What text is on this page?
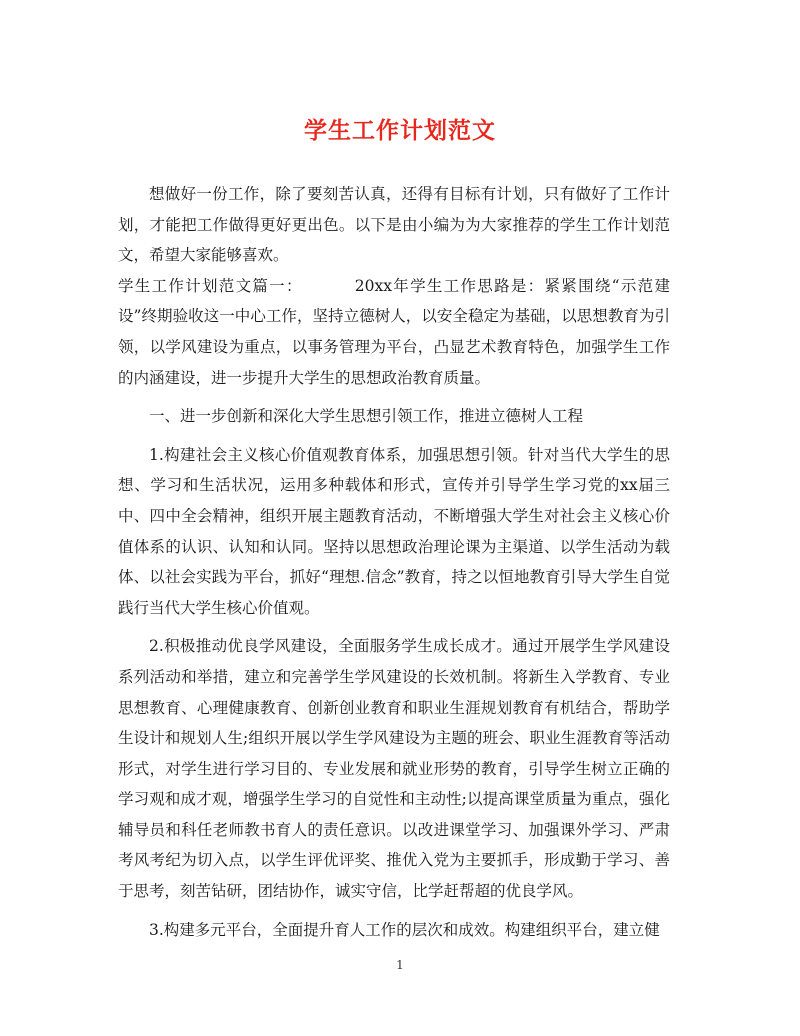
学生工作计划范文

想做好一份工作，除了要刻苦认真，还得有目标有计划，只有做好了工作计划，才能把工作做得更好更出色。以下是由小编为为大家推荐的学生工作计划范文，希望大家能够喜欢。

学生工作计划范文篇一：	20xx年学生工作思路是：紧紧围绕“示范建设”终期验收这一中心工作，坚持立德树人，以安全稳定为基础，以思想教育为引领，以学风建设为重点，以事务管理为平台，凸显艺术教育特色，加强学生工作的内涵建设，进一步提升大学生的思想政治教育质量。

一、进一步创新和深化大学生思想引领工作，推进立德树人工程

1.构建社会主义核心价值观教育体系，加强思想引领。针对当代大学生的思想、学习和生活状况，运用多种载体和形式，宣传并引导学生学习党的xx届三中、四中全会精神，组织开展主题教育活动，不断增强大学生对社会主义核心价值体系的认识、认知和认同。坚持以思想政治理论课为主渠道、以学生活动为载体、以社会实践为平台，抓好“理想.信念”教育，持之以恒地教育引导大学生自觉践行当代大学生核心价值观。

2.积极推动优良学风建设，全面服务学生成长成才。通过开展学生学风建设系列活动和举措，建立和完善学生学风建设的长效机制。将新生入学教育、专业思想教育、心理健康教育、创新创业教育和职业生涯规划教育有机结合，帮助学生设计和规划人生;组织开展以学生学风建设为主题的班会、职业生涯教育等活动形式，对学生进行学习目的、专业发展和就业形势的教育，引导学生树立正确的学习观和成才观，增强学生学习的自觉性和主动性;以提高课堂质量为重点，强化辅导员和科任老师教书育人的责任意识。以改进课堂学习、加强课外学习、严肃考风考纪为切入点，以学生评优评奖、推优入党为主要抓手，形成勤于学习、善于思考，刻苦钻研，团结协作，诚实守信，比学赶帮超的优良学风。

3.构建多元平台，全面提升育人工作的层次和成效。构建组织平台，建立健

1
